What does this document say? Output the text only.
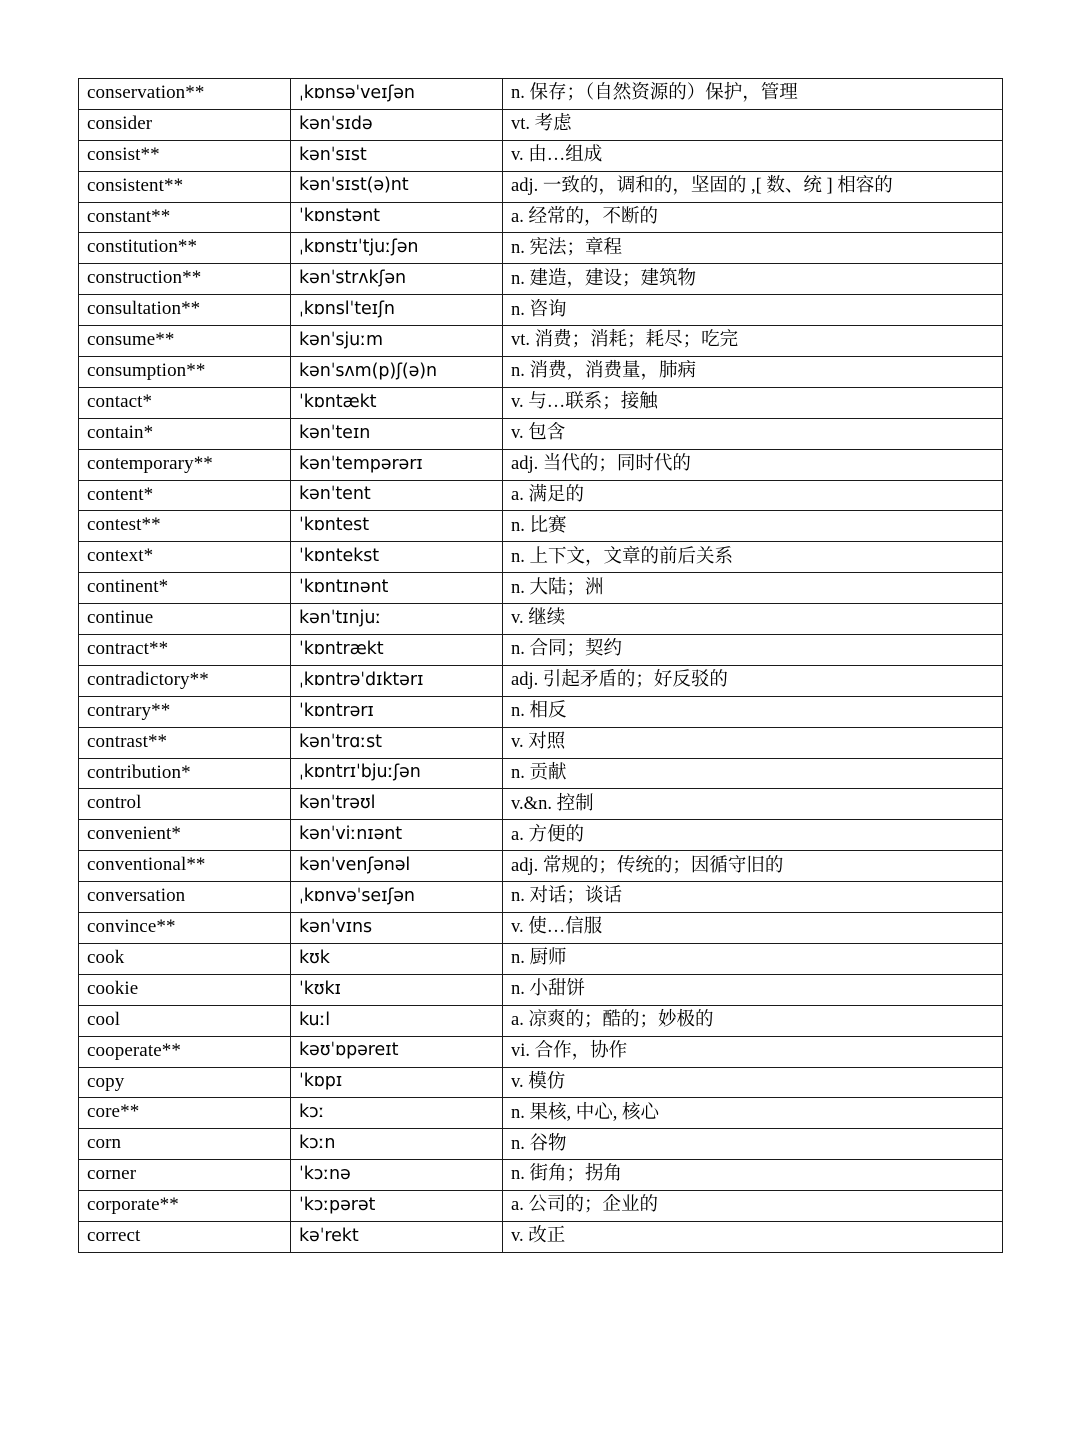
conservation**	ˌkɒnsəˈveɪʃən	n. 保存；（自然资源的）保护，管理
consider	kənˈsɪdə	vt. 考虑
consist**	kənˈsɪst	v. 由…组成
consistent**	kənˈsɪst(ə)nt	adj. 一致的，调和的，坚固的 ,[ 数、统 ] 相容的
constant**	ˈkɒnstənt	a. 经常的，不断的
constitution**	ˌkɒnstɪˈtjuːʃən	n. 宪法；章程
construction**	kənˈstrʌkʃən	n. 建造，建设；建筑物
consultation**	ˌkɒnslˈteɪʃn	n. 咨询
consume**	kənˈsjuːm	vt. 消费；消耗；耗尽；吃完
consumption**	kənˈsʌm(p)ʃ(ə)n	n. 消费，消费量，肺病
contact*	ˈkɒntækt	v. 与…联系；接触
contain*	kənˈteɪn	v. 包含
contemporary**	kənˈtempərərɪ	adj. 当代的；同时代的
content*	kənˈtent	a. 满足的
contest**	ˈkɒntest	n. 比赛
context*	ˈkɒntekst	n. 上下文，文章的前后关系
continent*	ˈkɒntɪnənt	n. 大陆；洲
continue	kənˈtɪnjuː	v. 继续
contract**	ˈkɒntrækt	n. 合同；契约
contradictory**	ˌkɒntrəˈdɪktərɪ	adj. 引起矛盾的；好反驳的
contrary**	ˈkɒntrərɪ	n. 相反
contrast**	kənˈtrɑːst	v. 对照
contribution*	ˌkɒntrɪˈbjuːʃən	n. 贡献
control	kənˈtrəʊl	v.&n. 控制
convenient*	kənˈviːnɪənt	a. 方便的
conventional**	kənˈvenʃənəl	adj. 常规的；传统的；因循守旧的
conversation	ˌkɒnvəˈseɪʃən	n. 对话；谈话
convince**	kənˈvɪns	v. 使…信服
cook	kʊk	n. 厨师
cookie	ˈkʊkɪ	n. 小甜饼
cool	kuːl	a. 凉爽的；酷的；妙极的
cooperate**	kəʊˈɒpəreɪt	vi. 合作，协作
copy	ˈkɒpɪ	v. 模仿
core**	kɔː	n. 果核, 中心, 核心
corn	kɔːn	n. 谷物
corner	ˈkɔːnə	n. 街角；拐角
corporate**	ˈkɔːpərət	a. 公司的；企业的
correct	kəˈrekt	v. 改正
